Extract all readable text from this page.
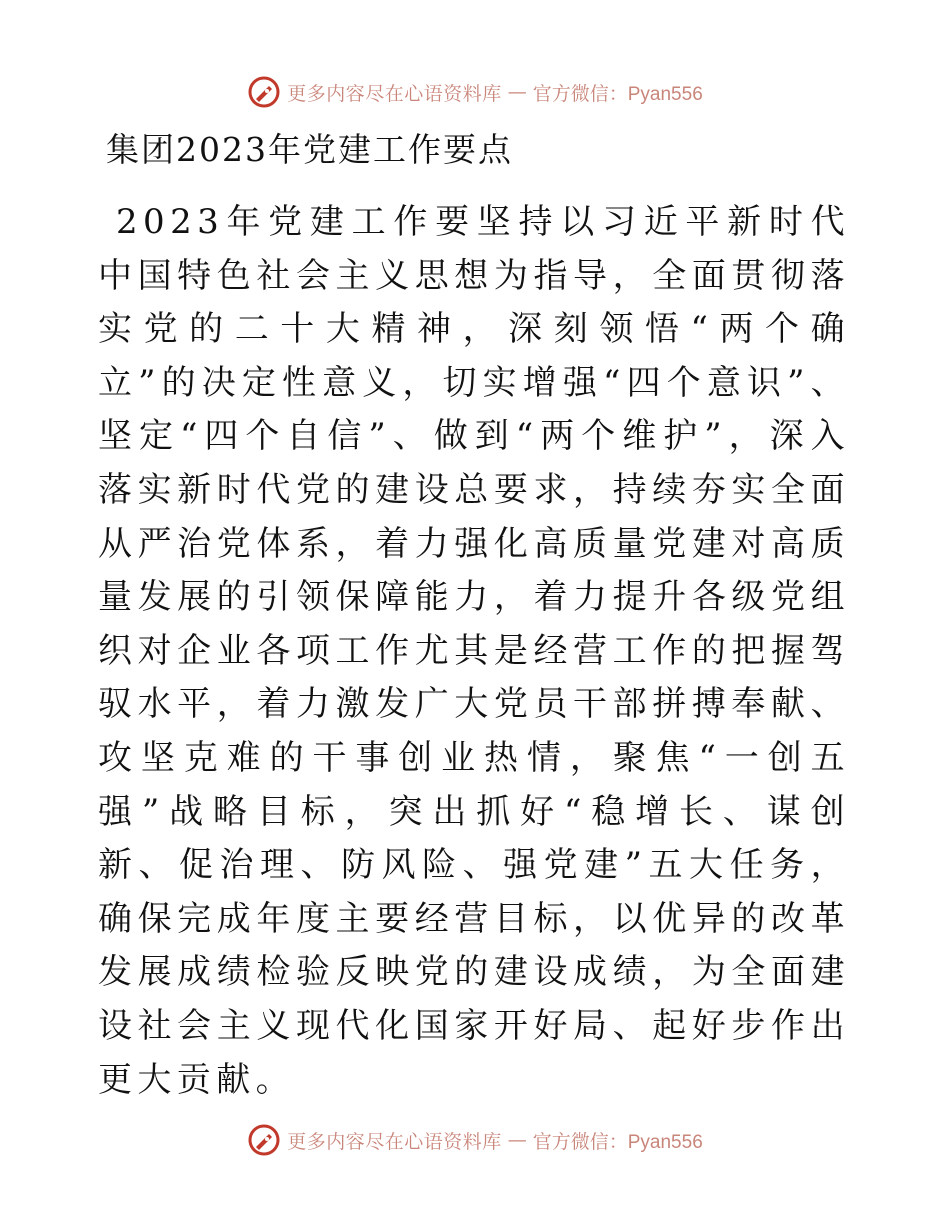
更多内容尽在心语资料库 — 官方微信：Pyan556
集团2023年党建工作要点

2023年党建工作要坚持以习近平新时代中国特色社会主义思想为指导，全面贯彻落实党的二十大精神，深刻领悟“两个确立”的决定性意义，切实增强“四个意识”、坚定“四个自信”、做到“两个维护”，深入落实新时代党的建设总要求，持续夯实全面从严治党体系，着力强化高质量党建对高质量发展的引领保障能力，着力提升各级党组织对企业各项工作尤其是经营工作的把握驾驭水平，着力激发广大党员干部拼搏奉献、攻坚克难的干事创业热情，聚焦“一创五强”战略目标，突出抓好“稳增长、谋创新、促治理、防风险、强党建”五大任务，确保完成年度主要经营目标，以优异的改革发展成绩检验反映党的建设成绩，为全面建设社会主义现代化国家开好局、起好步作出更大贡献。

更多内容尽在心语资料库 — 官方微信：Pyan556
